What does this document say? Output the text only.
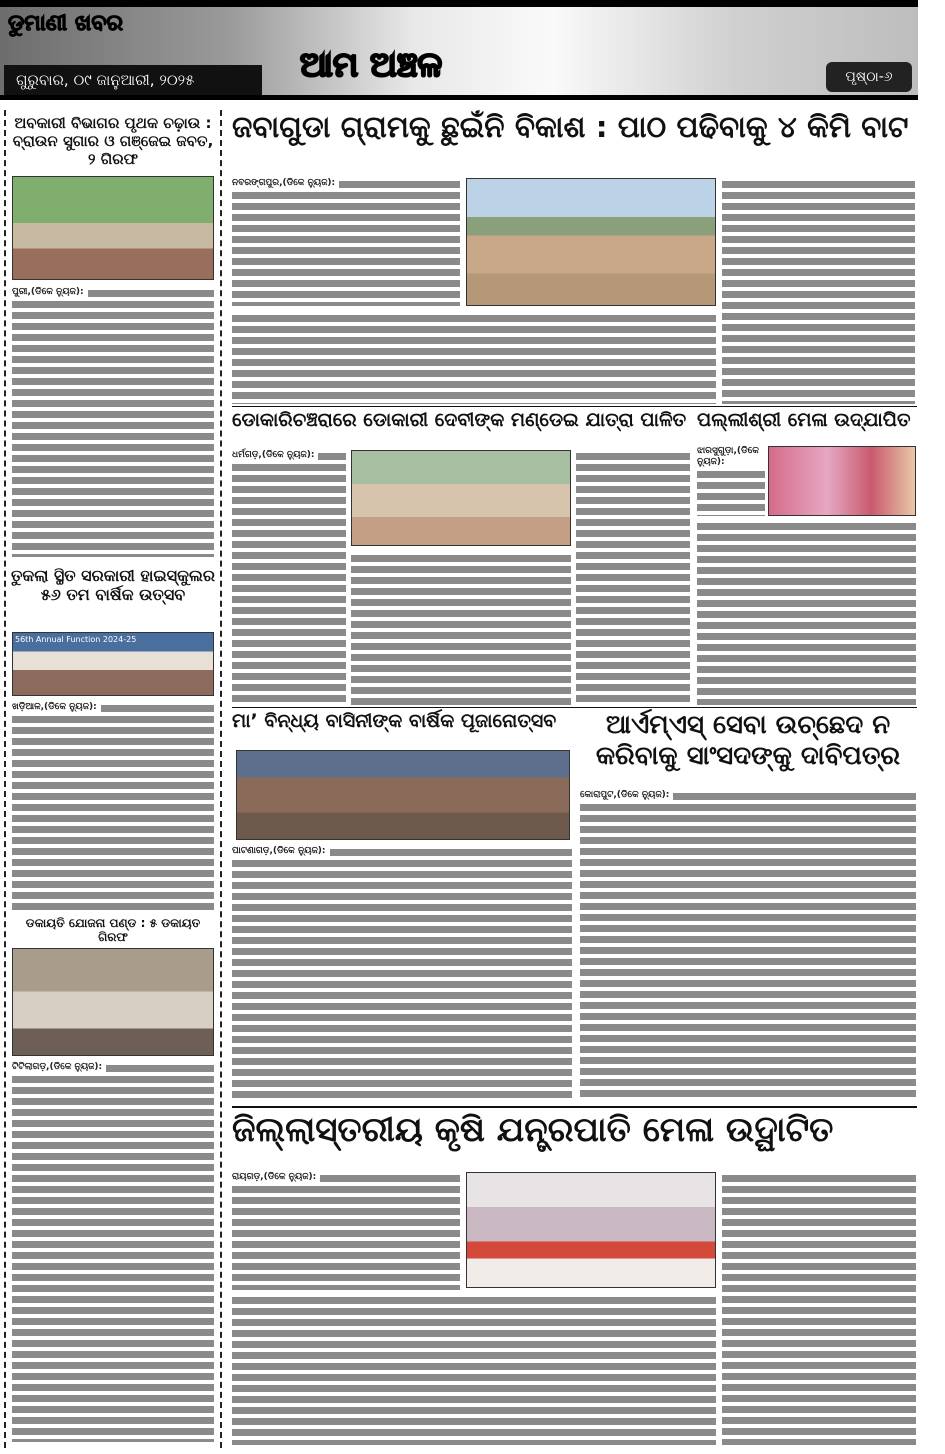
ଡୁମାଣୀ ଖବର
ଗୁରୁବାର, ୦୯ ଜାନୁଆରୀ, ୨୦୨୫	ଆମ ଅଞ୍ଚଳ	ପୃଷ୍ଠା-୬
ଅବକାରୀ ବିଭାଗର ପୃଥକ ଚଢ଼ାଉ : ବ୍ରାଉନ ସୁଗାର ଓ ଗଞ୍ଜେଇ ଜବତ, ୨ ଗିରଫ
ପୁରୀ,(ଡିକେ ନ୍ୟୁଜ):
ତୁକଲା ସ୍ଥିତ ସରକାରୀ ହାଇସ୍କୁଲର ୫୬ ତମ ବାର୍ଷିକ ଉତ୍ସବ
56th Annual Function 2024-25
ଖଡ଼ିଆଳ,(ଡିକେ ନ୍ୟୁଜ):
ଡକାୟତି ଯୋଜନା ପଣ୍ଡ : ୫ ଡକାୟତ ଗିରଫ
ଟିଟିଲାଗଡ଼,(ଡିକେ ନ୍ୟୁଜ):
ଜବାଗୁଡା ଗ୍ରାମକୁ ଛୁଇଁନି ବିକାଶ : ପାଠ ପଢିବାକୁ ୪ କିମି ବାଟ
ନବରଙ୍ଗପୁର,(ଡିକେ ନ୍ୟୁଜ):
ଡୋକାରିଚଞ୍ଚରାରେ ଡୋକାରୀ ଦେବୀଙ୍କ ମଣ୍ଡେଇ ଯାତ୍ରା ପାଳିତ
ଧର୍ମଗଡ଼,(ଡିକେ ନ୍ୟୁଜ):
ପଲ୍ଲୀଶ୍ରୀ ମେଳା ଉଦ୍ଯାପିତ
ଝାରସୁଗୁଡ଼ା,(ଡିକେ ନ୍ୟୁଜ):
ମା’ ବିନ୍ଧ୍ୟ ବାସିନୀଙ୍କ ବାର୍ଷିକ ପୂଜାନୋତ୍ସବ
ପାଟଣାଗଡ଼,(ଡିକେ ନ୍ୟୁଜ):
ଆର୍ଏମ୍ଏସ୍ ସେବା ଉଚ୍ଛେଦ ନ କରିବାକୁ ସାଂସଦଙ୍କୁ ଦାବିପତ୍ର
କୋରାପୁଟ,(ଡିକେ ନ୍ୟୁଜ):
ଜିଲ୍ଲାସ୍ତରୀୟ କୃଷି ଯନ୍ତ୍ରପାତି ମେଳା ଉଦ୍ଘାଟିତ
ରାୟଗଡ଼,(ଡିକେ ନ୍ୟୁଜ):
